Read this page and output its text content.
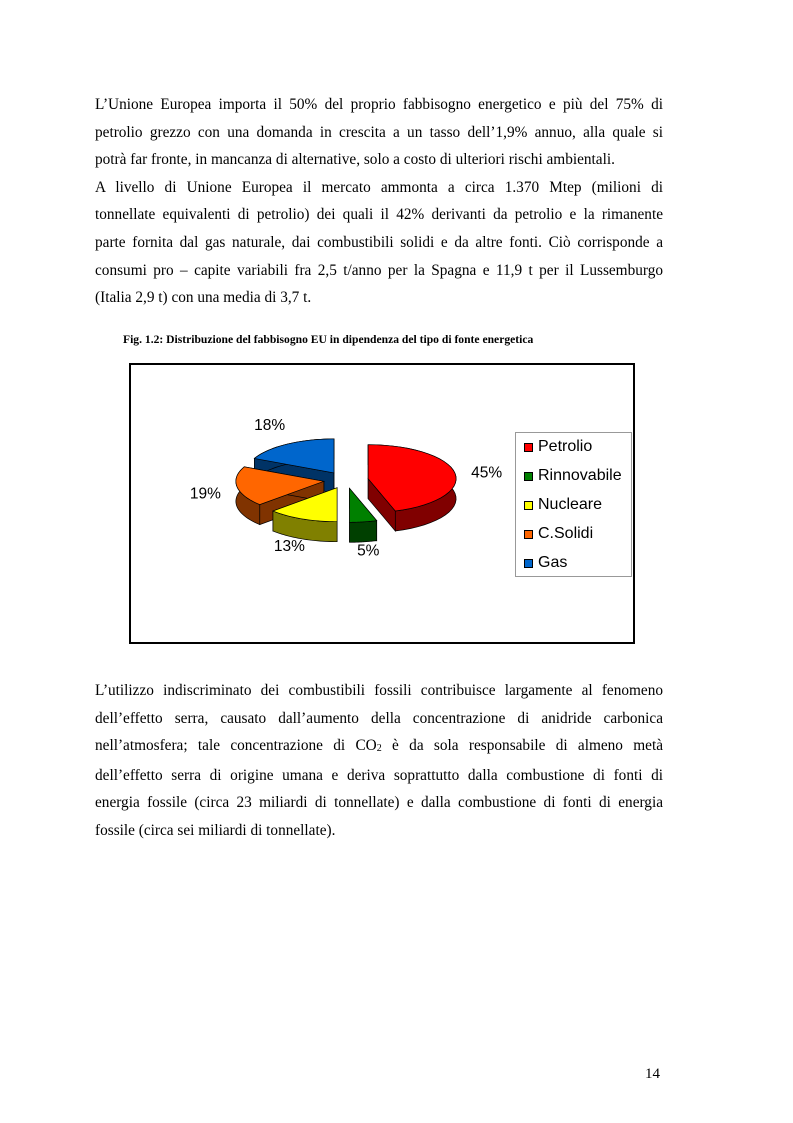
L’Unione Europea importa il 50% del proprio fabbisogno energetico e più del 75% di
petrolio grezzo con una domanda in crescita a un tasso dell’1,9% annuo, alla quale si
potrà far fronte, in mancanza di alternative, solo a costo di ulteriori rischi ambientali.
A livello di Unione Europea il mercato ammonta a circa 1.370 Mtep (milioni di
tonnellate equivalenti di petrolio) dei quali il 42% derivanti da petrolio e la rimanente
parte fornita dal gas naturale, dai combustibili solidi e da altre fonti. Ciò corrisponde a
consumi pro – capite variabili fra 2,5 t/anno per la Spagna e 11,9 t per il Lussemburgo
(Italia 2,9 t) con una media di 3,7 t.
Fig. 1.2: Distribuzione del fabbisogno EU in dipendenza del tipo di fonte energetica
18%
45%
19%
13%	5%
Petrolio
Rinnovabile
Nucleare
C.Solidi
Gas
L’utilizzo indiscriminato dei combustibili fossili contribuisce largamente al fenomeno
dell’effetto serra, causato dall’aumento della concentrazione di anidride carbonica
nell’atmosfera; tale concentrazione di $CO_2$ è da sola responsabile di almeno metà
dell’effetto serra di origine umana e deriva soprattutto dalla combustione di fonti di
energia fossile (circa 23 miliardi di tonnellate) e dalla combustione di fonti di energia
fossile (circa sei miliardi di tonnellate).
14
